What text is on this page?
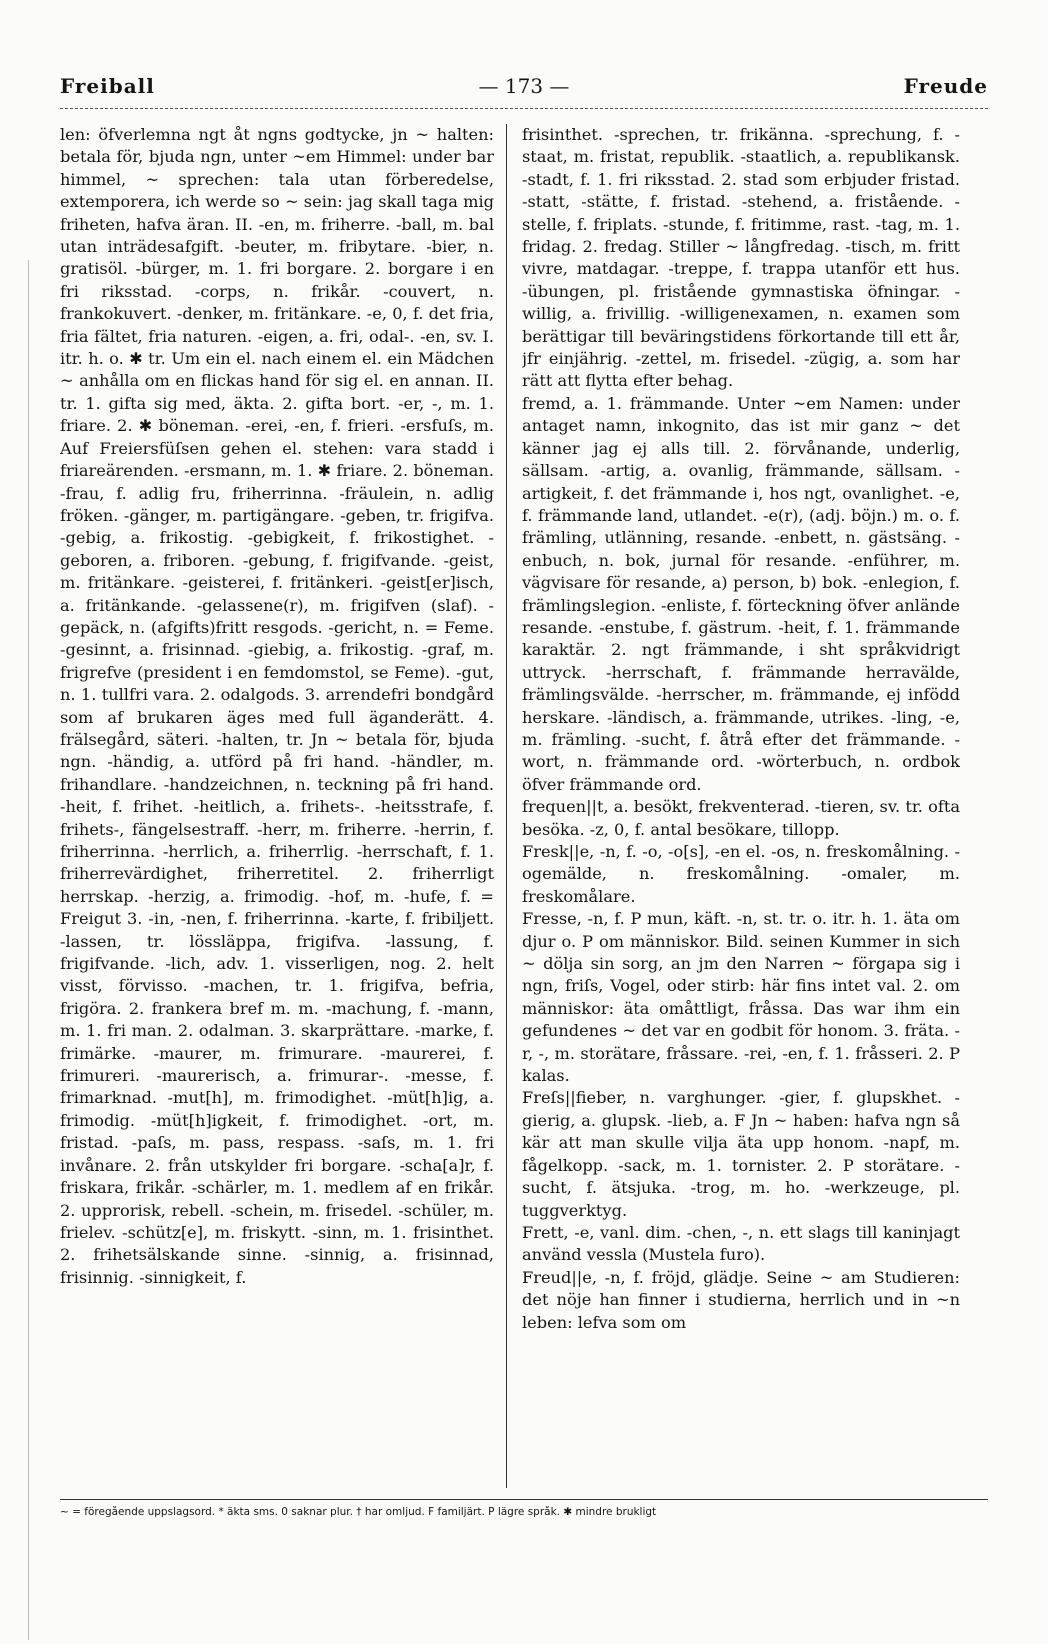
Freiball	— 173 —	Freude

len: öfverlemna ngt åt ngns godtycke, jn ~ halten: betala för, bjuda ngn, unter ~em Himmel: under bar himmel, ~ sprechen: tala utan förberedelse, extemporera, ich werde so ~ sein: jag skall taga mig friheten, hafva äran. II. -en, m. friherre. -ball, m. bal utan inträdesafgift. -beuter, m. fribytare. -bier, n. gratisöl. -bürger, m. 1. fri borgare. 2. borgare i en fri riksstad. -corps, n. frikår. -couvert, n. frankokuvert. -denker, m. fritänkare. -e, 0, f. det fria, fria fältet, fria naturen. -eigen, a. fri, odal-. -en, sv. I. itr. h. o. ✱ tr. Um ein el. nach einem el. ein Mädchen ~ anhålla om en flickas hand för sig el. en annan. II. tr. 1. gifta sig med, äkta. 2. gifta bort. -er, -, m. 1. friare. 2. ✱ böneman. -erei, -en, f. frieri. -ersfuſs, m. Auf Freiersfüſsen gehen el. stehen: vara stadd i friareärenden. -ersmann, m. 1. ✱ friare. 2. böneman. -frau, f. adlig fru, friherrinna. -fräulein, n. adlig fröken. -gänger, m. partigängare. -geben, tr. frigifva. -gebig, a. frikostig. -gebigkeit, f. frikostighet. -geboren, a. friboren. -gebung, f. frigifvande. -geist, m. fritänkare. -geisterei, f. fritänkeri. -geist[er]isch, a. fritänkande. -gelassene(r), m. frigifven (slaf). -gepäck, n. (afgifts)fritt resgods. -gericht, n. = Feme. -gesinnt, a. frisinnad. -giebig, a. frikostig. -graf, m. frigrefve (president i en femdomstol, se Feme). -gut, n. 1. tullfri vara. 2. odalgods. 3. arrendefri bondgård som af brukaren äges med full äganderätt. 4. frälsegård, säteri. -halten, tr. Jn ~ betala för, bjuda ngn. -händig, a. utförd på fri hand. -händler, m. frihandlare. -handzeichnen, n. teckning på fri hand. -heit, f. frihet. -heitlich, a. frihets-. -heitsstrafe, f. frihets-, fängelsestraff. -herr, m. friherre. -herrin, f. friherrinna. -herrlich, a. friherrlig. -herrschaft, f. 1. friherrevärdighet, friherretitel. 2. friherrligt herrskap. -herzig, a. frimodig. -hof, m. -hufe, f. = Freigut 3. -in, -nen, f. friherrinna. -karte, f. fribiljett. -lassen, tr. lössläppa, frigifva. -lassung, f. frigifvande. -lich, adv. 1. visserligen, nog. 2. helt visst, förvisso. -machen, tr. 1. frigifva, befria, frigöra. 2. frankera bref m. m. -machung, f. -mann, m. 1. fri man. 2. odalman. 3. skarprättare. -marke, f. frimärke. -maurer, m. frimurare. -maurerei, f. frimureri. -maurerisch, a. frimurar-. -messe, f. frimarknad. -mut[h], m. frimodighet. -müt[h]ig, a. frimodig. -müt[h]igkeit, f. frimodighet. -ort, m. fristad. -paſs, m. pass, respass. -saſs, m. 1. fri invånare. 2. från utskylder fri borgare. -scha[a]r, f. friskara, frikår. -schärler, m. 1. medlem af en frikår. 2. upprorisk, rebell. -schein, m. frisedel. -schüler, m. frielev. -schütz[e], m. friskytt. -sinn, m. 1. frisinthet. 2. frihetsälskande sinne. -sinnig, a. frisinnad, frisinnig. -sinnigkeit, f.

frisinthet. -sprechen, tr. frikänna. -sprechung, f. -staat, m. fristat, republik. -staatlich, a. republikansk. -stadt, f. 1. fri riksstad. 2. stad som erbjuder fristad. -statt, -stätte, f. fristad. -stehend, a. fristående. -stelle, f. friplats. -stunde, f. fritimme, rast. -tag, m. 1. fridag. 2. fredag. Stiller ~ långfredag. -tisch, m. fritt vivre, matdagar. -treppe, f. trappa utanför ett hus. -übungen, pl. fristående gymnastiska öfningar. -willig, a. frivillig. -willigenexamen, n. examen som berättigar till beväringstidens förkortande till ett år, jfr einjährig. -zettel, m. frisedel. -zügig, a. som har rätt att flytta efter behag.

fremd, a. 1. främmande. Unter ~em Namen: under antaget namn, inkognito, das ist mir ganz ~ det känner jag ej alls till. 2. förvånande, underlig, sällsam. -artig, a. ovanlig, främmande, sällsam. -artigkeit, f. det främmande i, hos ngt, ovanlighet. -e, f. främmande land, utlandet. -e(r), (adj. böjn.) m. o. f. främling, utlänning, resande. -enbett, n. gästsäng. -enbuch, n. bok, jurnal för resande. -enführer, m. vägvisare för resande, a) person, b) bok. -enlegion, f. främlingslegion. -enliste, f. förteckning öfver anlände resande. -enstube, f. gästrum. -heit, f. 1. främmande karaktär. 2. ngt främmande, i sht språkvidrigt uttryck. -herrschaft, f. främmande herravälde, främlingsvälde. -herrscher, m. främmande, ej infödd herskare. -ländisch, a. främmande, utrikes. -ling, -e, m. främling. -sucht, f. åtrå efter det främmande. -wort, n. främmande ord. -wörterbuch, n. ordbok öfver främmande ord.

frequen||t, a. besökt, frekventerad. -tieren, sv. tr. ofta besöka. -z, 0, f. antal besökare, tillopp.

Fresk||e, -n, f. -o, -o[s], -en el. -os, n. freskomålning. -ogemälde, n. freskomålning. -omaler, m. freskomålare.

Fresse, -n, f. P mun, käft. -n, st. tr. o. itr. h. 1. äta om djur o. P om människor. Bild. seinen Kummer in sich ~ dölja sin sorg, an jm den Narren ~ förgapa sig i ngn, friſs, Vogel, oder stirb: här fins intet val. 2. om människor: äta omåttligt, fråssa. Das war ihm ein gefundenes ~ det var en godbit för honom. 3. fräta. -r, -, m. storätare, fråssare. -rei, -en, f. 1. fråsseri. 2. P kalas.

Freſs||fieber, n. varghunger. -gier, f. glupskhet. -gierig, a. glupsk. -lieb, a. F Jn ~ haben: hafva ngn så kär att man skulle vilja äta upp honom. -napf, m. fågelkopp. -sack, m. 1. tornister. 2. P storätare. -sucht, f. ätsjuka. -trog, m. ho. -werkzeuge, pl. tuggverktyg.

Frett, -e, vanl. dim. -chen, -, n. ett slags till kaninjagt använd vessla (Mustela furo).

Freud||e, -n, f. fröjd, glädje. Seine ~ am Studieren: det nöje han finner i studierna, herrlich und in ~n leben: lefva som om

~ = föregående uppslagsord. * äkta sms. 0 saknar plur. † har omljud. F familjärt. P lägre språk. ✱ mindre brukligt
